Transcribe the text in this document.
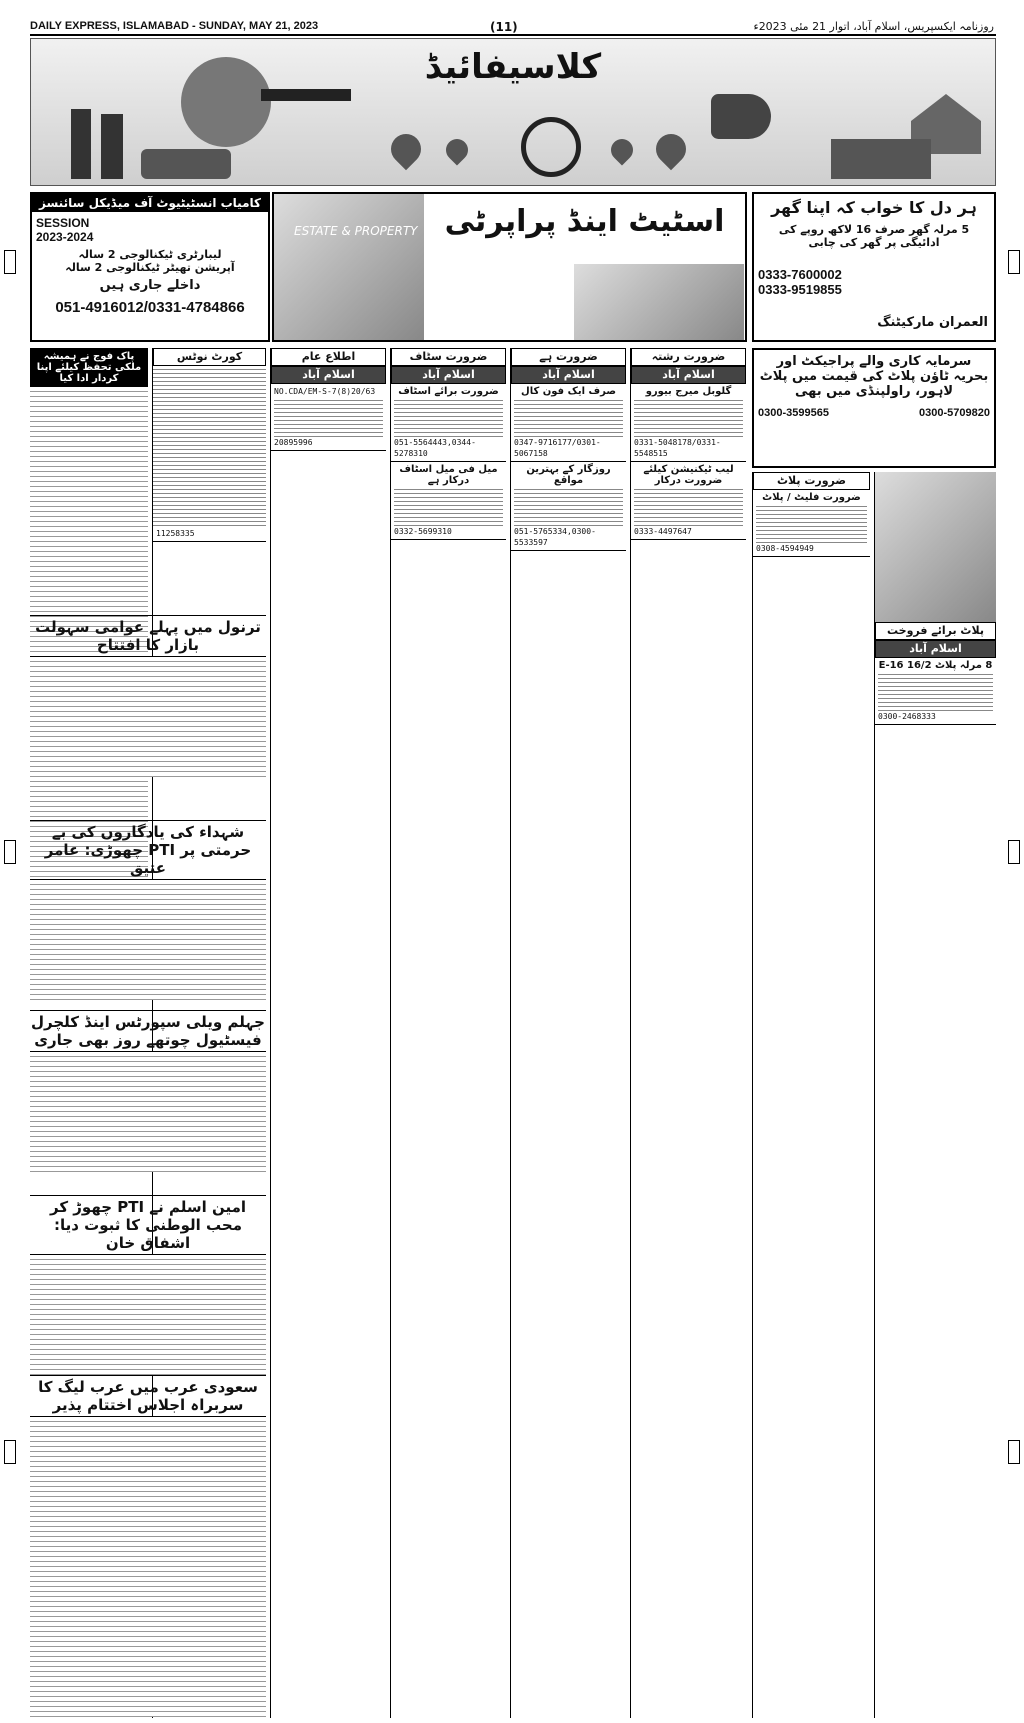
DAILY EXPRESS, ISLAMABAD - SUNDAY, MAY 21, 2023	(11)	روزنامہ ایکسپریس، اسلام آباد، اتوار 21 مئی 2023ء
کلاسیفائیڈ
کامیاب انسٹیٹیوٹ آف میڈیکل سائنسز
SESSION 2023-2024
لیبارٹری ٹیکنالوجی 2 سالہ
آپریشن تھیٹر ٹیکنالوجی 2 سالہ
داخلے جاری ہیں
051-4916012/0331-4784866
ESTATE & PROPERTY اسٹیٹ اینڈ پراپرٹی	ہر دل کا خواب کہ اپنا گھر
5 مرلہ گھر صرف 16 لاکھ روپے کی ادائیگی پر گھر کی چابی
0333-7600002
0333-9519855
العمران مارکیٹنگ
پاک فوج نے ہمیشہ ملکی تحفظ کیلئے اپنا کردار ادا کیا
کورٹ نوٹس
11258335
اطلاع عام
اسلام آباد
NO.CDA/EM-S-7(8)20/63
20895996
ضرورت سٹاف
اسلام آباد
ضرورت برائے اسٹاف
051-5564443,0344-5278310
میل فی میل اسٹاف درکار ہے
0332-5699310
ضرورت ہے
اسلام آباد
صرف ایک فون کال
0347-9716177/0301-5067158
روزگار کے بہترین مواقع
051-5765334,0300-5533597
ضرورت رشتہ
اسلام آباد
گلوبل میرج بیورو
0331-5048178/0331-5548515
لیب ٹیکنیشن کیلئے ضرورت درکار
0333-4497647
سرمایہ کاری والے پراجیکٹ اور بحریہ ٹاؤن پلاٹ کی قیمت میں پلاٹ لاہور، راولپنڈی میں بھی
0300-3599565	0300-5709820
ضرورت پلاٹ
ضرورت فلیٹ / پلاٹ
0308-4594949
پلاٹ برائے فروخت
اسلام آباد
8 مرلہ پلاٹ 16/2 E-16
0300-2468333
ترنول میں پہلے عوامی سہولت بازار کا افتتاح
شہداء کی یادگاروں کی بے حرمتی پر PTI چھوڑی: عامر عتیق
جہلم ویلی سپورٹس اینڈ کلچرل فیسٹیول چوتھے روز بھی جاری
امین اسلم نے PTI چھوڑ کر محب الوطنی کا ثبوت دیا: اشفاق خان
سعودی عرب میں عرب لیگ کا سربراہ اجلاس اختتام پذیر
